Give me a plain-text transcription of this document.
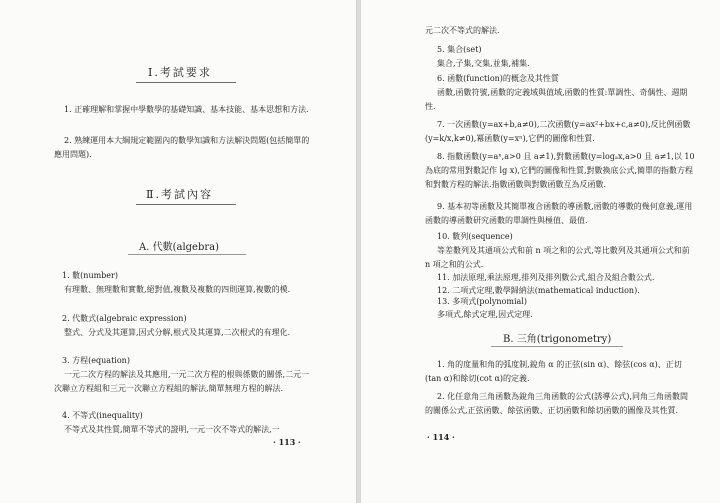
Ⅰ.考試要求
1. 正確理解和掌握中學數學的基礎知識、基本技能、基本思想和方法.
2. 熟練運用本大綱規定範圍內的數學知識和方法解決問題(包括簡單的應用問題).
Ⅱ.考試內容
A. 代數(algebra)
1. 數(number)
有理數、無理數和實數,絕對值,複數及複數的四則運算,複數的模.
2. 代數式(algebraic expression)
整式、分式及其運算,因式分解,根式及其運算,二次根式的有理化.
3. 方程(equation)
一元二次方程的解法及其應用,一元二次方程的根與係數的關係,二元一次聯立方程組和三元一次聯立方程組的解法,簡單無理方程的解法.
4. 不等式(inequality)
不等式及其性質,簡單不等式的證明,一元一次不等式的解法,一
· 113 ·
元二次不等式的解法.
5. 集合(set)
集合,子集,交集,並集,補集.
6. 函數(function)的概念及其性質
函數,函數符號,函數的定義域與值域,函數的性質:單調性、奇偶性、週期性.
7. 一次函數(y=ax+b,a≠0),二次函數(y=ax²+bx+c,a≠0),反比例函數(y=k/x,k≠0),冪函數(y=xⁿ),它們的圖像和性質.
8. 指數函數(y=aˣ,a>0 且 a≠1),對數函數(y=logₐx,a>0 且 a≠1,以 10 為底的常用對數記作 lg x),它們的圖像和性質,對數換底公式,簡單的指數方程和對數方程的解法.指數函數與對數函數互為反函數.
9. 基本初等函數及其簡單複合函數的導函數,函數的導數的幾何意義,運用函數的導函數研究函數的單調性與極值、最值.
10. 數列(sequence)
等差數列及其通項公式和前 n 項之和的公式,等比數列及其通項公式和前 n 項之和的公式.
11. 加法原理,乘法原理,排列及排列數公式,組合及組合數公式.
12. 二項式定理,數學歸納法(mathematical induction).
13. 多項式(polynomial)
多項式,餘式定理,因式定理.
B. 三角(trigonometry)
1. 角的度量和角的弧度制,銳角 α 的正弦(sin α)、餘弦(cos α)、正切(tan α)和餘切(cot α)的定義.
2. 化任意角三角函數為銳角三角函數的公式(誘導公式),同角三角函數間的關係公式,正弦函數、餘弦函數、正切函數和餘切函數的圖像及其性質.
· 114 ·
